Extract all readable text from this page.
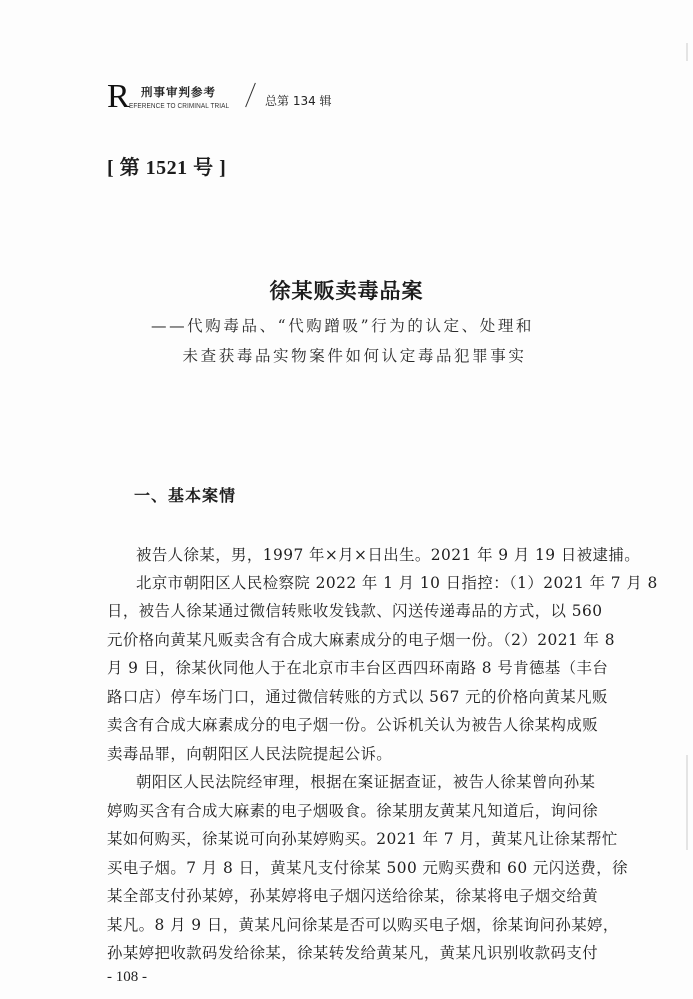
R 刑事审判参考
EFERENCE TO CRIMINAL TRIAL	总第 134 辑
[ 第 1521 号 ]
徐某贩卖毒品案
——代购毒品、“代购蹭吸”行为的认定、处理和
未查获毒品实物案件如何认定毒品犯罪事实
一、基本案情
被告人徐某，男，1997 年×月×日出生。2021 年 9 月 19 日被逮捕。
北京市朝阳区人民检察院 2022 年 1 月 10 日指控：（1）2021 年 7 月 8
日，被告人徐某通过微信转账收发钱款、闪送传递毒品的方式，以 560
元价格向黄某凡贩卖含有合成大麻素成分的电子烟一份。（2）2021 年 8
月 9 日，徐某伙同他人于在北京市丰台区西四环南路 8 号肯德基（丰台
路口店）停车场门口，通过微信转账的方式以 567 元的价格向黄某凡贩
卖含有合成大麻素成分的电子烟一份。公诉机关认为被告人徐某构成贩
卖毒品罪，向朝阳区人民法院提起公诉。
朝阳区人民法院经审理，根据在案证据查证，被告人徐某曾向孙某
婷购买含有合成大麻素的电子烟吸食。徐某朋友黄某凡知道后，询问徐
某如何购买，徐某说可向孙某婷购买。2021 年 7 月，黄某凡让徐某帮忙
买电子烟。7 月 8 日，黄某凡支付徐某 500 元购买费和 60 元闪送费，徐
某全部支付孙某婷，孙某婷将电子烟闪送给徐某，徐某将电子烟交给黄
某凡。8 月 9 日，黄某凡问徐某是否可以购买电子烟，徐某询问孙某婷，
孙某婷把收款码发给徐某，徐某转发给黄某凡，黄某凡识别收款码支付
- 108 -
